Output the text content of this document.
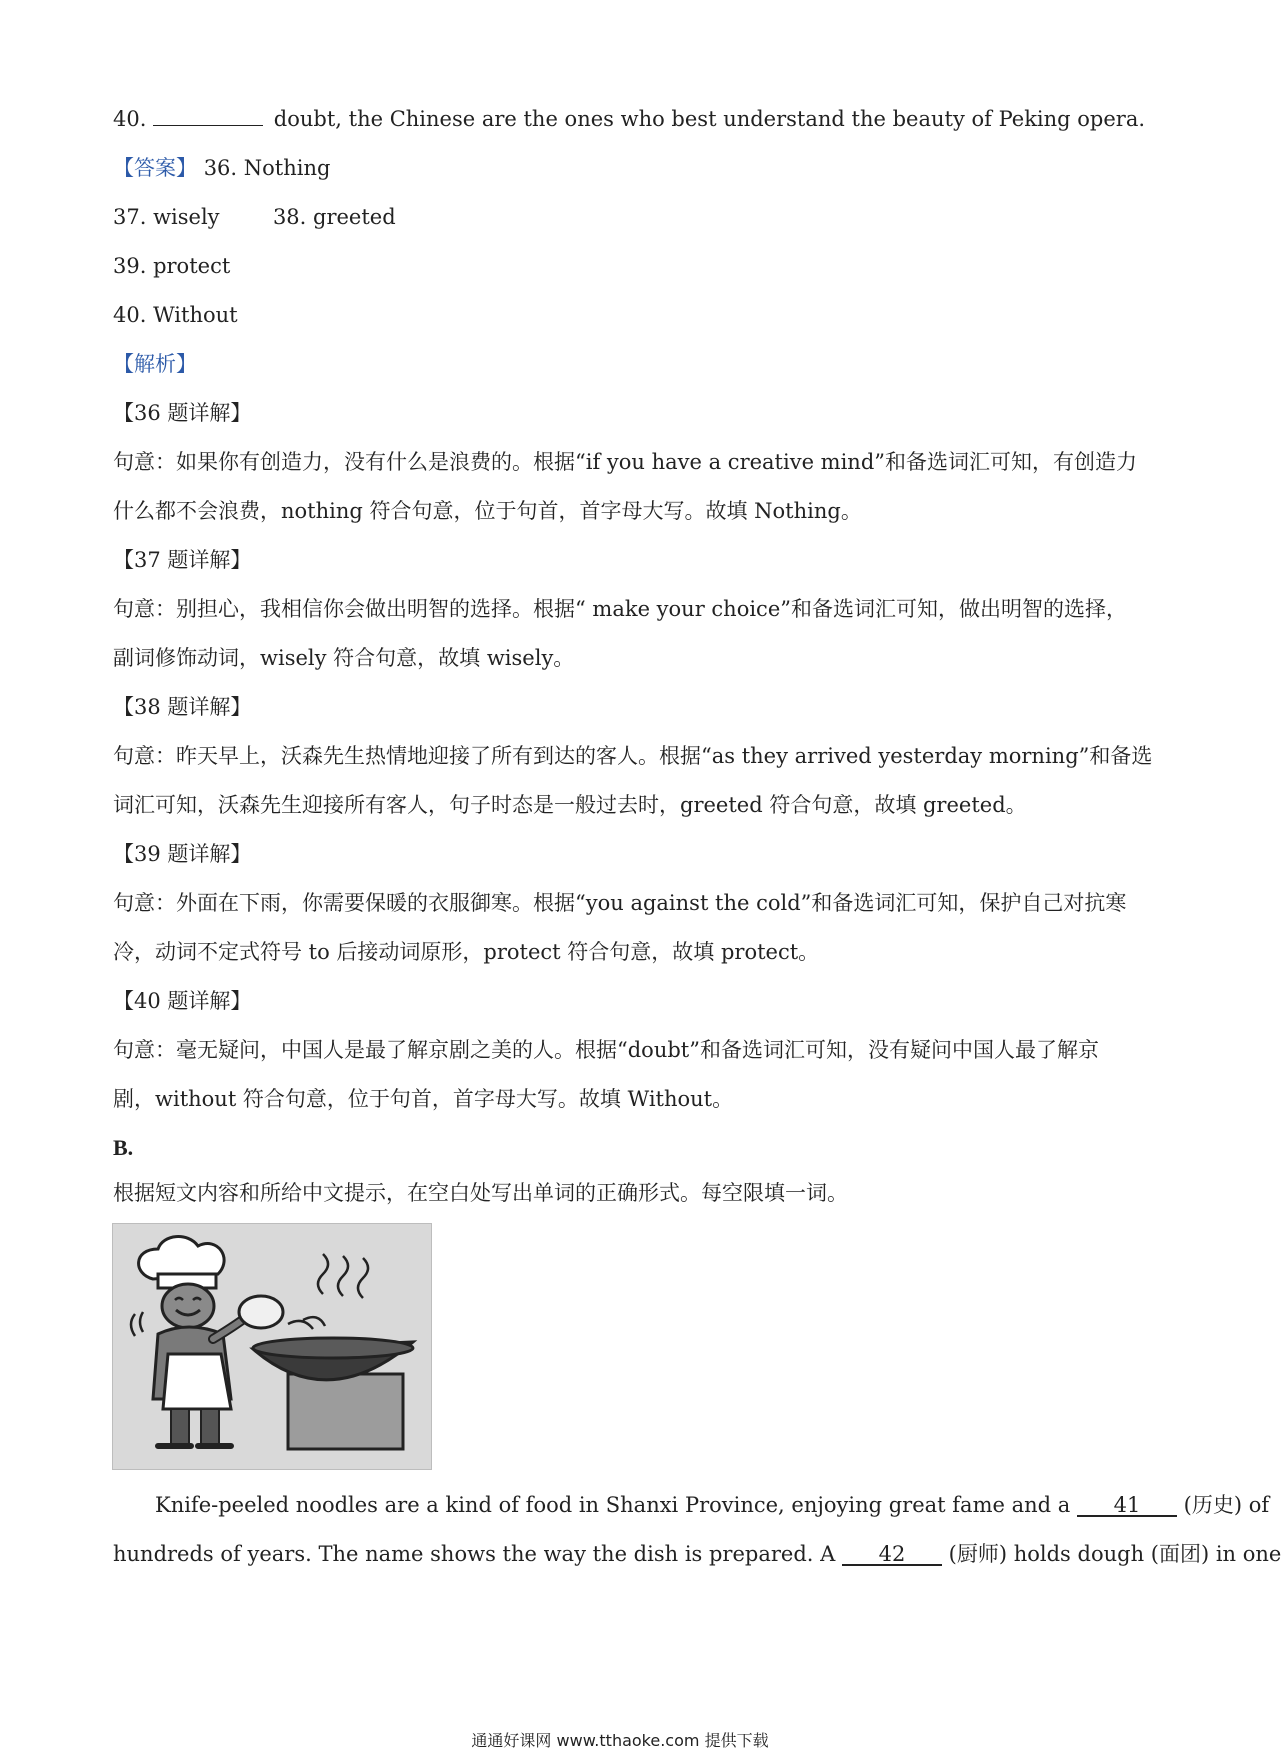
40.	doubt, the Chinese are the ones who best understand the beauty of Peking opera.
【答案】 36. Nothing
37. wisely	38. greeted
39. protect
40. Without
【解析】
【36 题详解】
句意：如果你有创造力，没有什么是浪费的。根据“if you have a creative mind”和备选词汇可知，有创造力
什么都不会浪费，nothing 符合句意，位于句首，首字母大写。故填 Nothing。
【37 题详解】
句意：别担心，我相信你会做出明智的选择。根据“ make your choice”和备选词汇可知，做出明智的选择，
副词修饰动词，wisely 符合句意，故填 wisely。
【38 题详解】
句意：昨天早上，沃森先生热情地迎接了所有到达的客人。根据“as they arrived yesterday morning”和备选
词汇可知，沃森先生迎接所有客人，句子时态是一般过去时，greeted 符合句意，故填 greeted。
【39 题详解】
句意：外面在下雨，你需要保暖的衣服御寒。根据“you against the cold”和备选词汇可知，保护自己对抗寒
冷，动词不定式符号 to 后接动词原形，protect 符合句意，故填 protect。
【40 题详解】
句意：毫无疑问，中国人是最了解京剧之美的人。根据“doubt”和备选词汇可知，没有疑问中国人最了解京
剧，without 符合句意，位于句首，首字母大写。故填 Without。
B.
根据短文内容和所给中文提示，在空白处写出单词的正确形式。每空限填一词。
Knife-peeled noodles are a kind of food in Shanxi Province, enjoying great fame and a 41 (历史) of
hundreds of years. The name shows the way the dish is prepared. A 42 (厨师) holds dough (面团) in one
通通好课网 www.tthaoke.com 提供下载
